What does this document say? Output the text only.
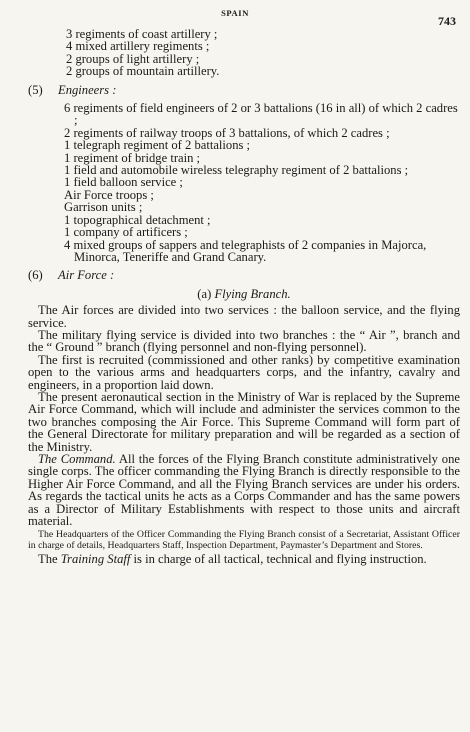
SPAIN
743
3 regiments of coast artillery ;
4 mixed artillery regiments ;
2 groups of light artillery ;
2 groups of mountain artillery.
(5) Engineers :
6 regiments of field engineers of 2 or 3 battalions (16 in all) of which 2 cadres ;
2 regiments of railway troops of 3 battalions, of which 2 cadres ;
1 telegraph regiment of 2 battalions ;
1 regiment of bridge train ;
1 field and automobile wireless telegraphy regiment of 2 battalions ;
1 field balloon service ;
Air Force troops ;
Garrison units ;
1 topographical detachment ;
1 company of artificers ;
4 mixed groups of sappers and telegraphists of 2 companies in Majorca, Minorca, Teneriffe and Grand Canary.
(6) Air Force :
(a) Flying Branch.

The Air forces are divided into two services : the balloon service, and the flying service.

The military flying service is divided into two branches : the “ Air ”, branch and the “ Ground ” branch (flying personnel and non-flying personnel).

The first is recruited (commissioned and other ranks) by competitive examination open to the various arms and headquarters corps, and the infantry, cavalry and engineers, in a proportion laid down.

The present aeronautical section in the Ministry of War is replaced by the Supreme Air Force Command, which will include and administer the services common to the two branches composing the Air Force. This Supreme Command will form part of the General Directorate for military preparation and will be regarded as a section of the Ministry.

The Command. All the forces of the Flying Branch constitute administratively one single corps. The officer commanding the Flying Branch is directly responsible to the Higher Air Force Command, and all the Flying Branch services are under his orders. As regards the tactical units he acts as a Corps Commander and has the same powers as a Director of Military Establishments with respect to those units and aircraft material.

The Headquarters of the Officer Commanding the Flying Branch consist of a Secretariat, Assistant Officer in charge of details, Headquarters Staff, Inspection Department, Paymaster’s Department and Stores.

The Training Staff is in charge of all tactical, technical and flying instruction.
